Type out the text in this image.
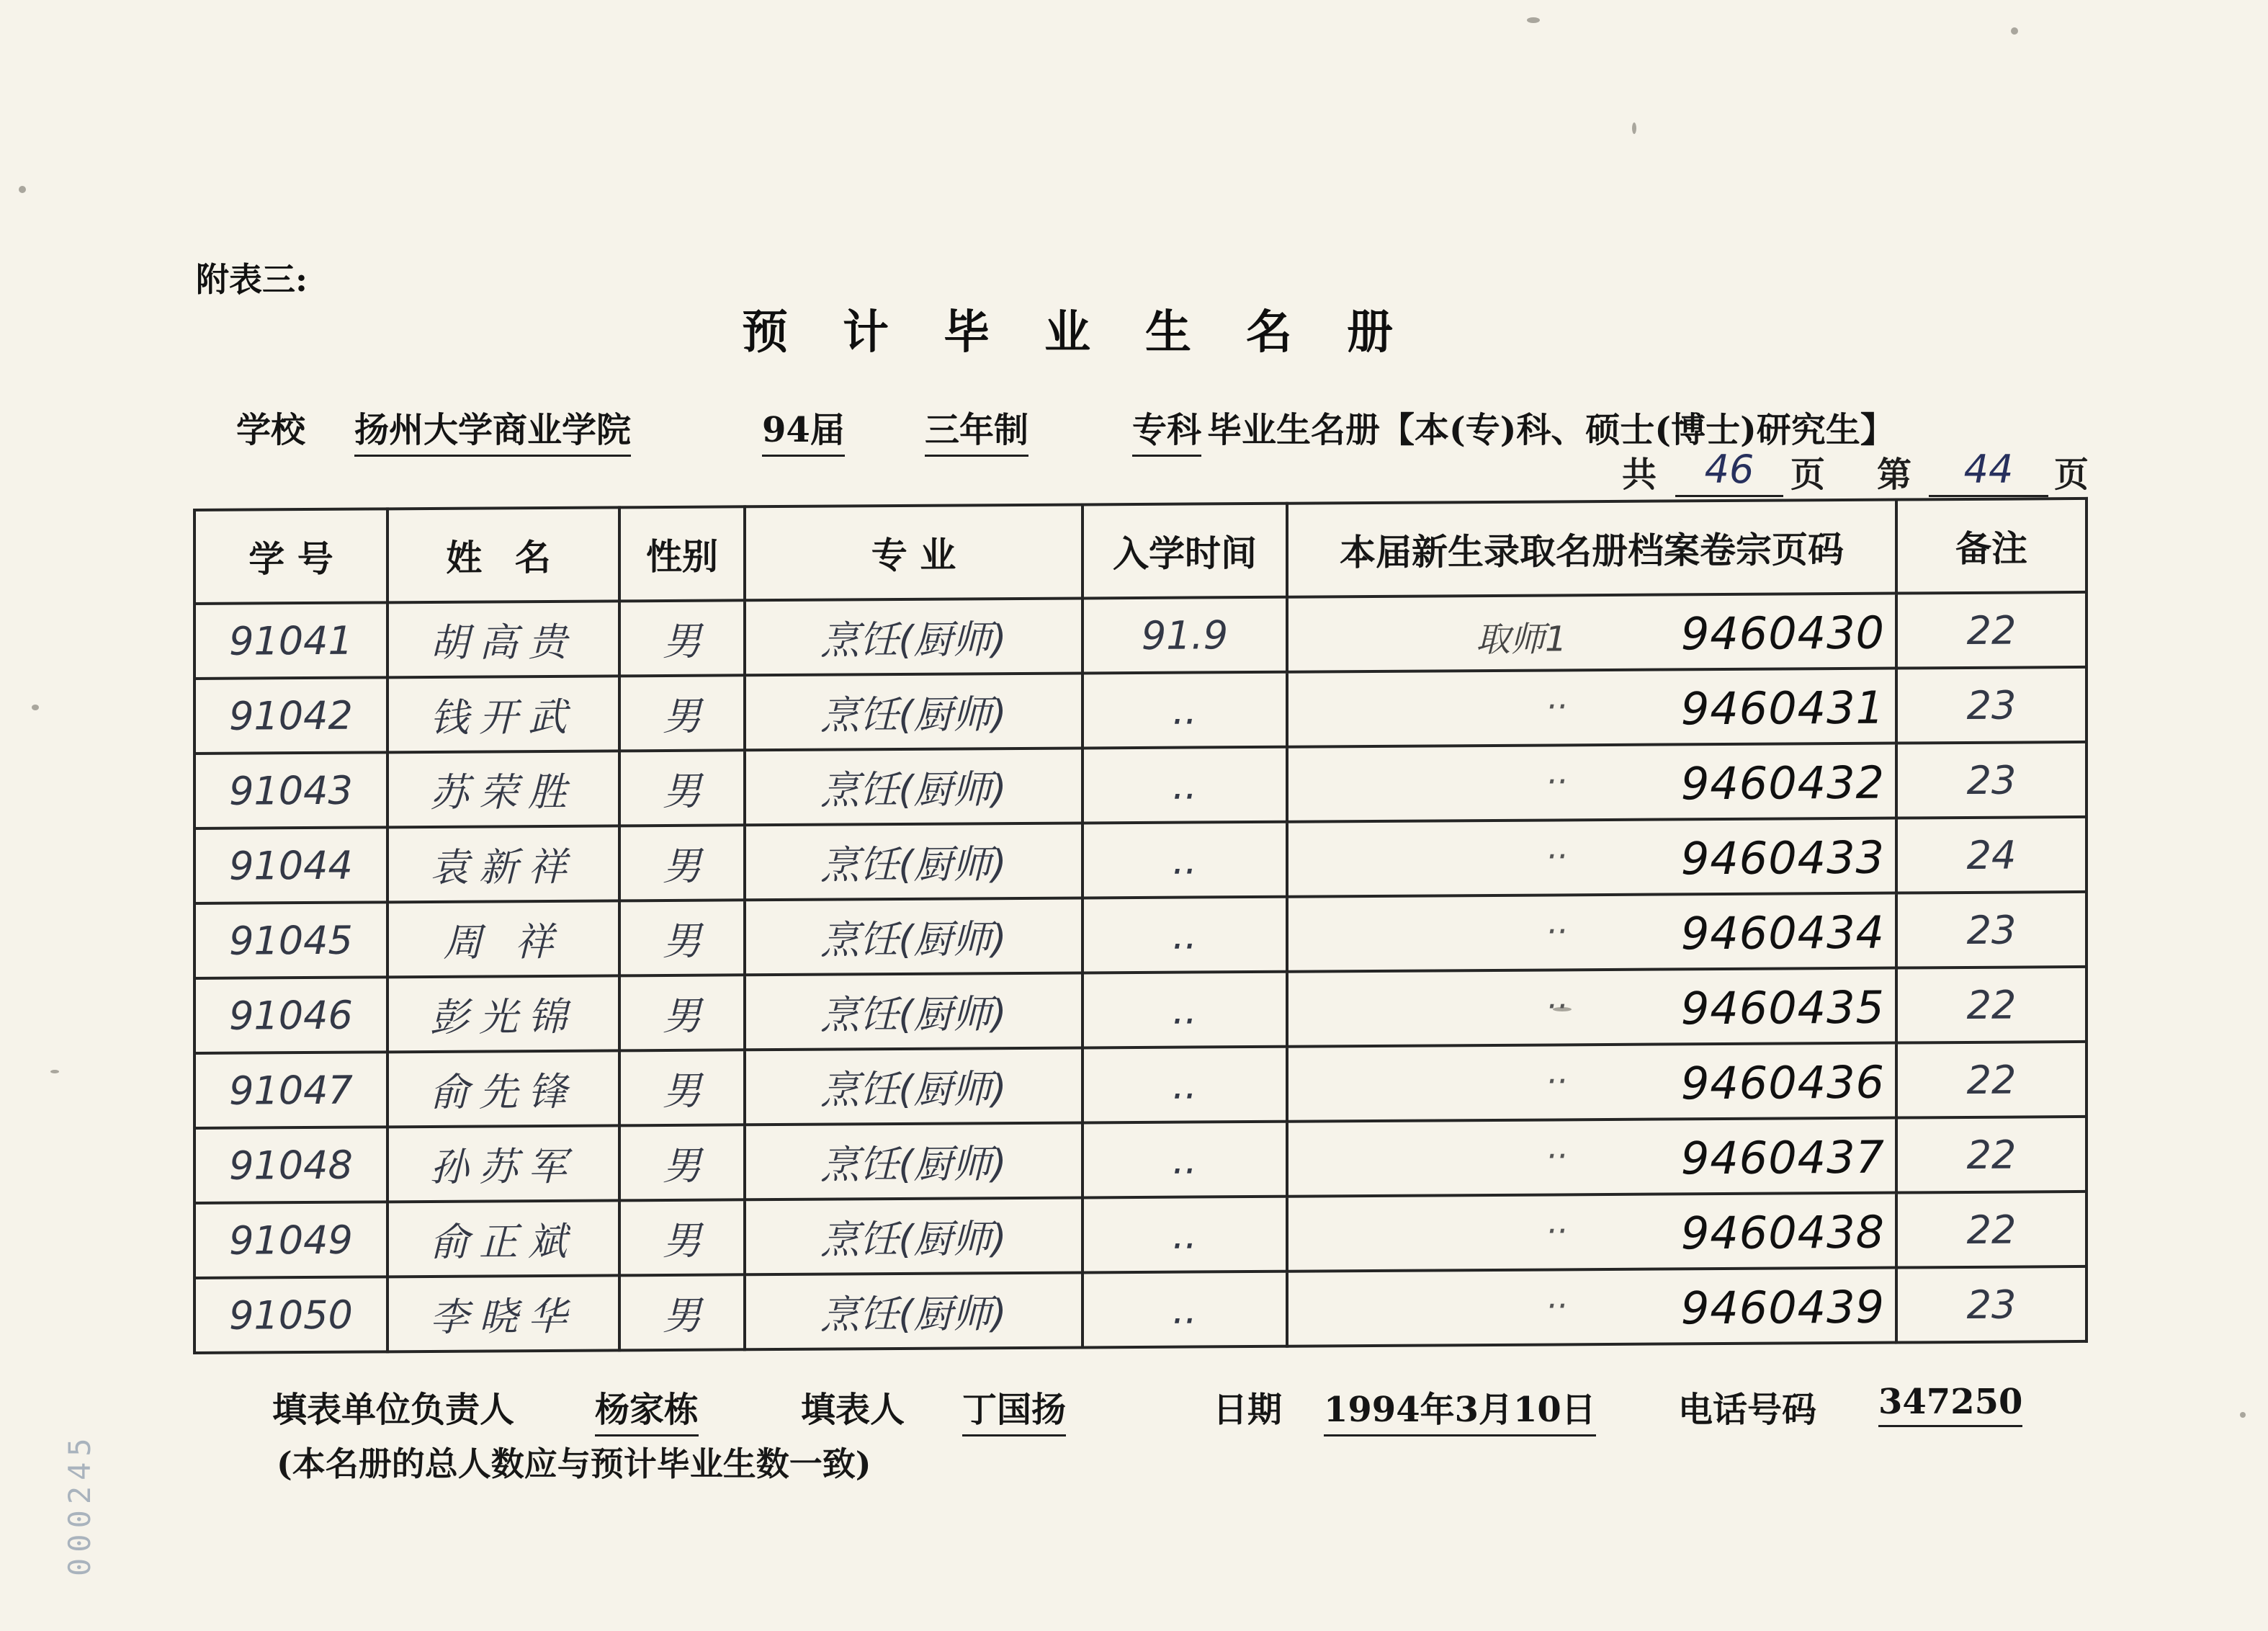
附表三:
预计毕业生名册
学校 扬州大学商业学院	94届 三年制	专科 毕业生名册【本(专)科、硕士(博士)研究生】
共	46	页 第	44	页
学 号	姓 名	性别	专 业	入学时间	本届新生录取名册档案卷宗页码	备注
91041	胡高贵	男	烹饪(厨师)	91.9	取师1 9460430	22
91042	钱开武	男	烹饪(厨师)	..	.. 9460431	23
91043	苏荣胜	男	烹饪(厨师)	..	.. 9460432	23
91044	袁新祥	男	烹饪(厨师)	..	.. 9460433	24
91045	周 祥	男	烹饪(厨师)	..	.. 9460434	23
91046	彭光锦	男	烹饪(厨师)	..	.. 9460435	22
91047	俞先锋	男	烹饪(厨师)	..	.. 9460436	22
91048	孙苏军	男	烹饪(厨师)	..	.. 9460437	22
91049	俞正斌	男	烹饪(厨师)	..	.. 9460438	22
91050	李晓华	男	烹饪(厨师)	..	.. 9460439	23
填表单位负责人 杨家栋	填表人 丁国扬	日期 1994年3月10日 电话号码 347250
(本名册的总人数应与预计毕业生数一致)
000245
